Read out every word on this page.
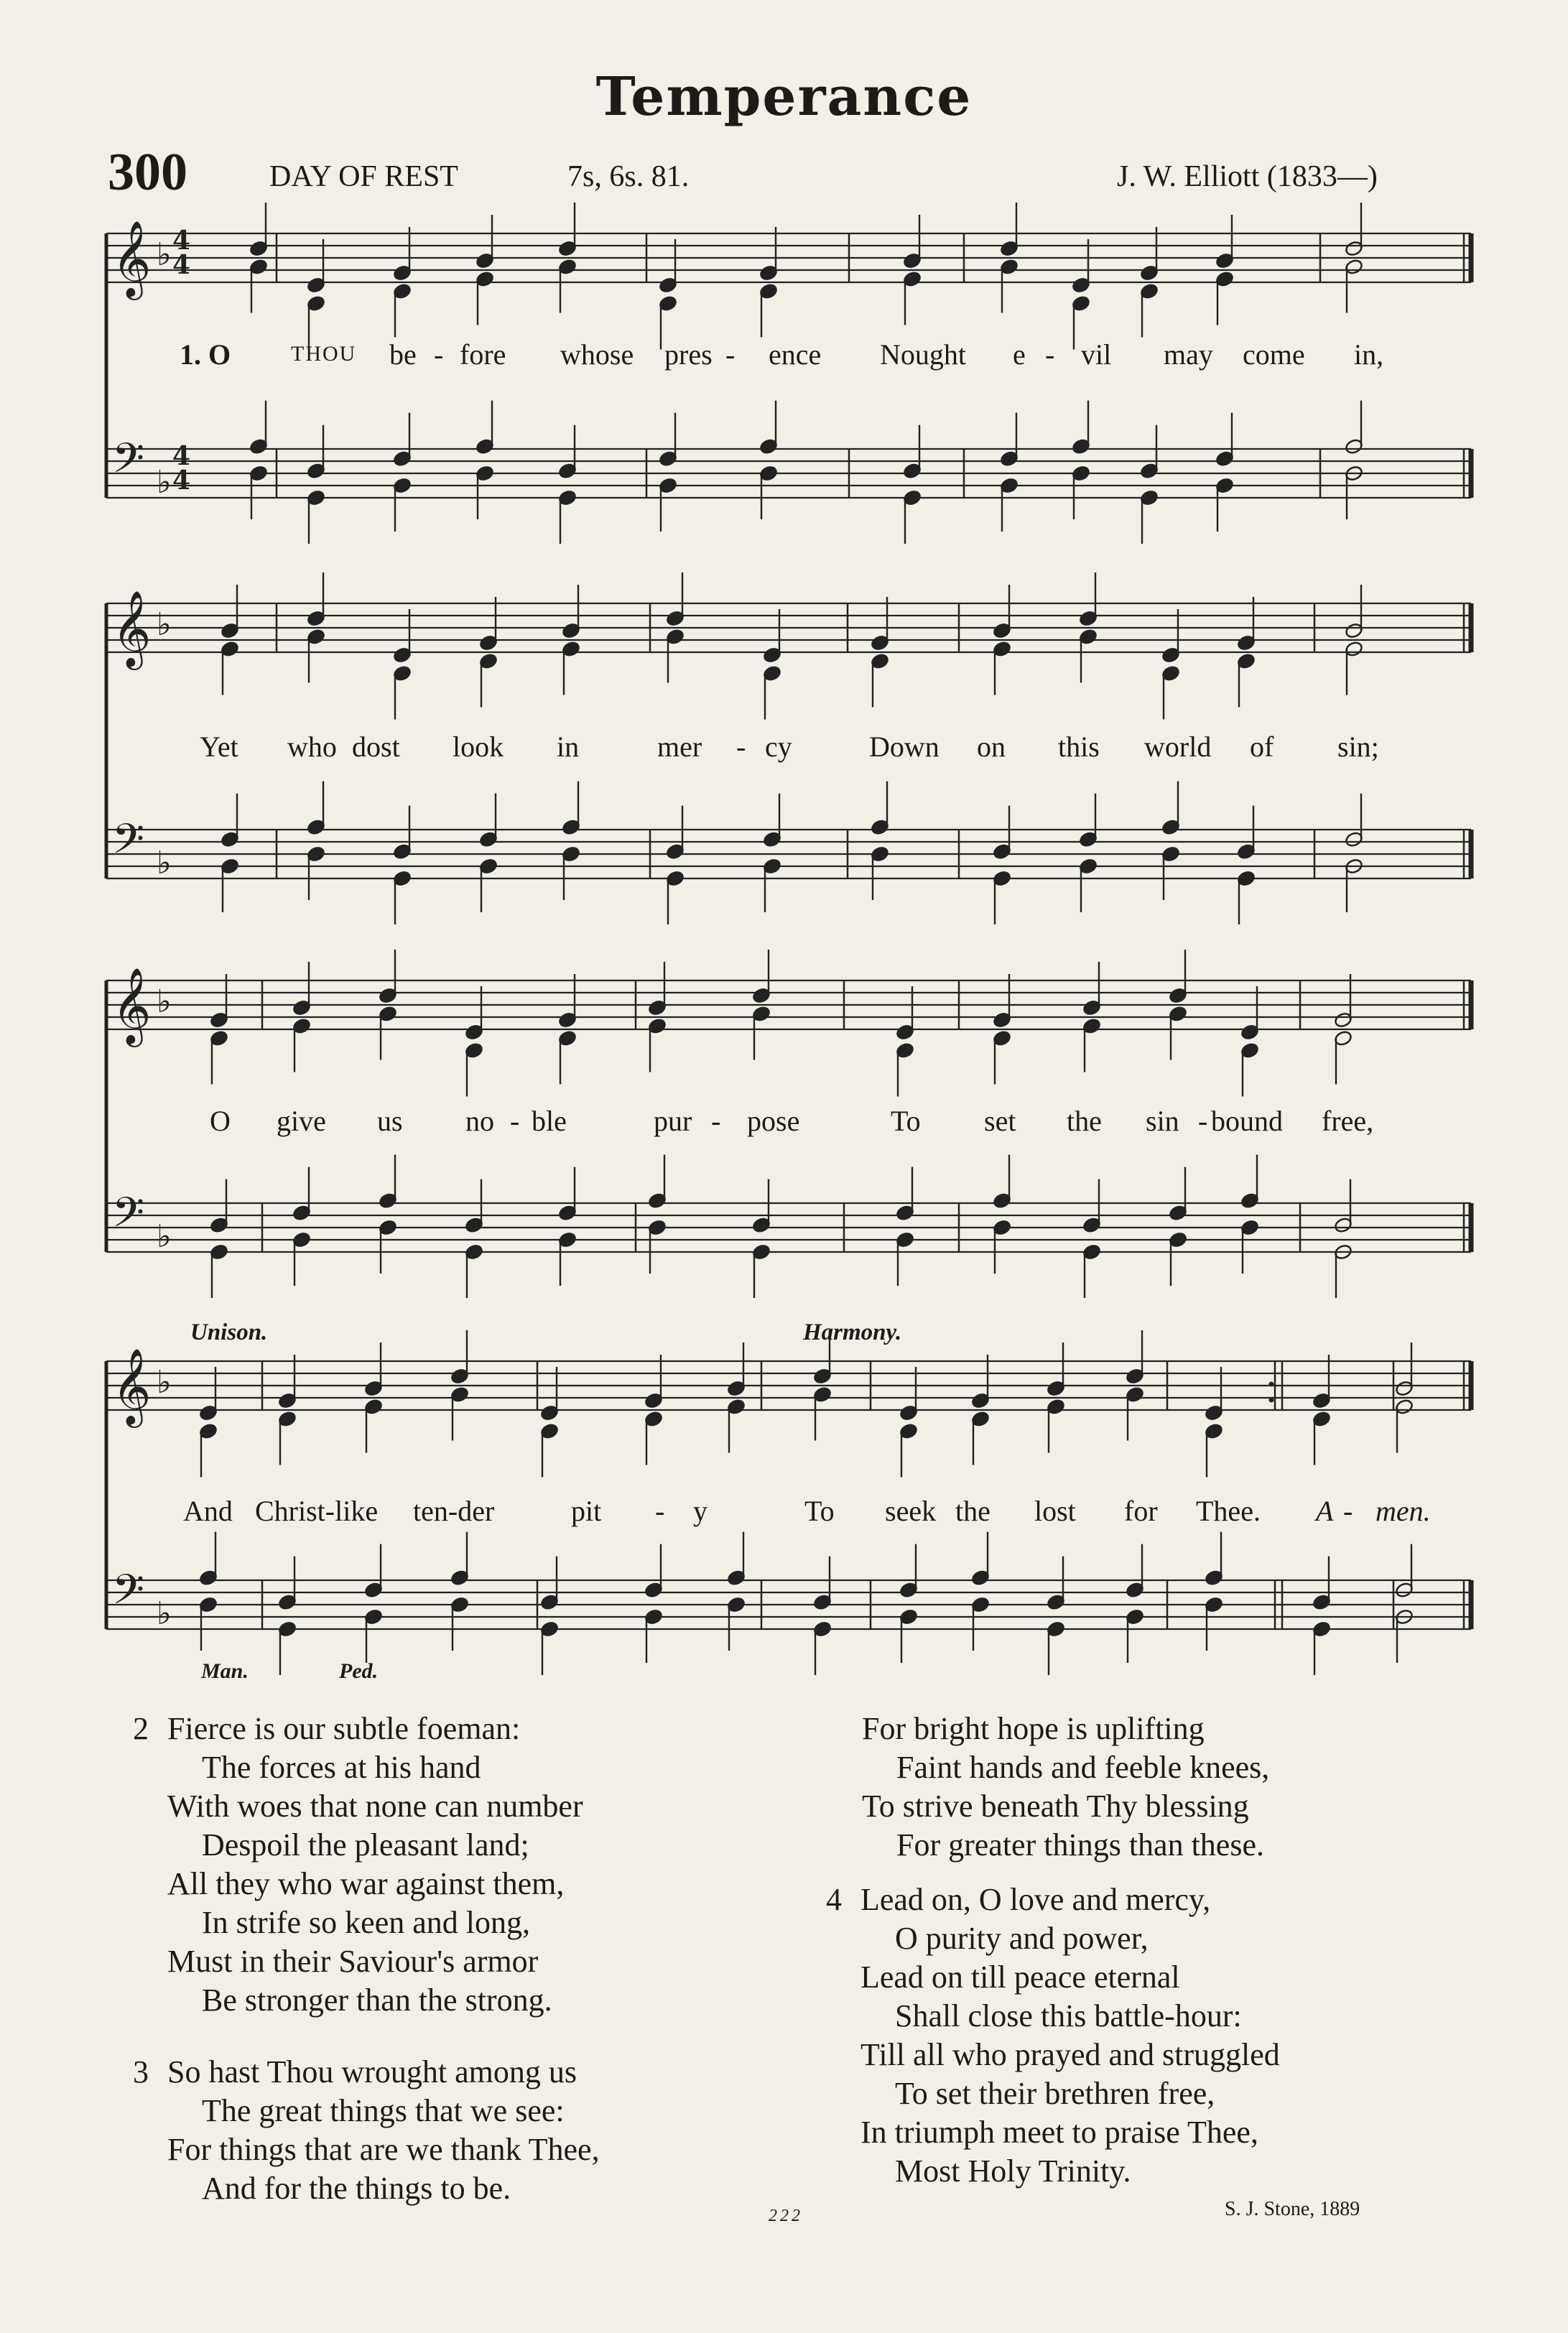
Temperance
300	DAY OF REST	7s, 6s. 81.	J. W. Elliott (1833—)
𝄞 ♭
𝄢 ♭
𝄞 ♭
𝄢 ♭
𝄞 ♭
𝄢 ♭
𝄞 ♭
𝄢 ♭
4
4
4
4
1. O	THOU be - fore whose pres - ence Nought e - vil may come in,
Yet who dost look in	mer - cy	Down on this world of sin;
O give us no - ble	pur - pose	To set the sin - bound free,
And Christ-like ten-der	pit - y	To seek the lost for Thee. A - men.
Unison.	Harmony.
Man.	Ped.
2 Fierce is our subtle foeman:
The forces at his hand
With woes that none can number
Despoil the pleasant land;
All they who war against them,
In strife so keen and long,
Must in their Saviour's armor
Be stronger than the strong.
3 So hast Thou wrought among us
The great things that we see:
For things that are we thank Thee,
And for the things to be.
For bright hope is uplifting
Faint hands and feeble knees,
To strive beneath Thy blessing
For greater things than these.
4 Lead on, O love and mercy,
O purity and power,
Lead on till peace eternal
Shall close this battle-hour:
Till all who prayed and struggled
To set their brethren free,
In triumph meet to praise Thee,
Most Holy Trinity.
222	S. J. Stone, 1889
